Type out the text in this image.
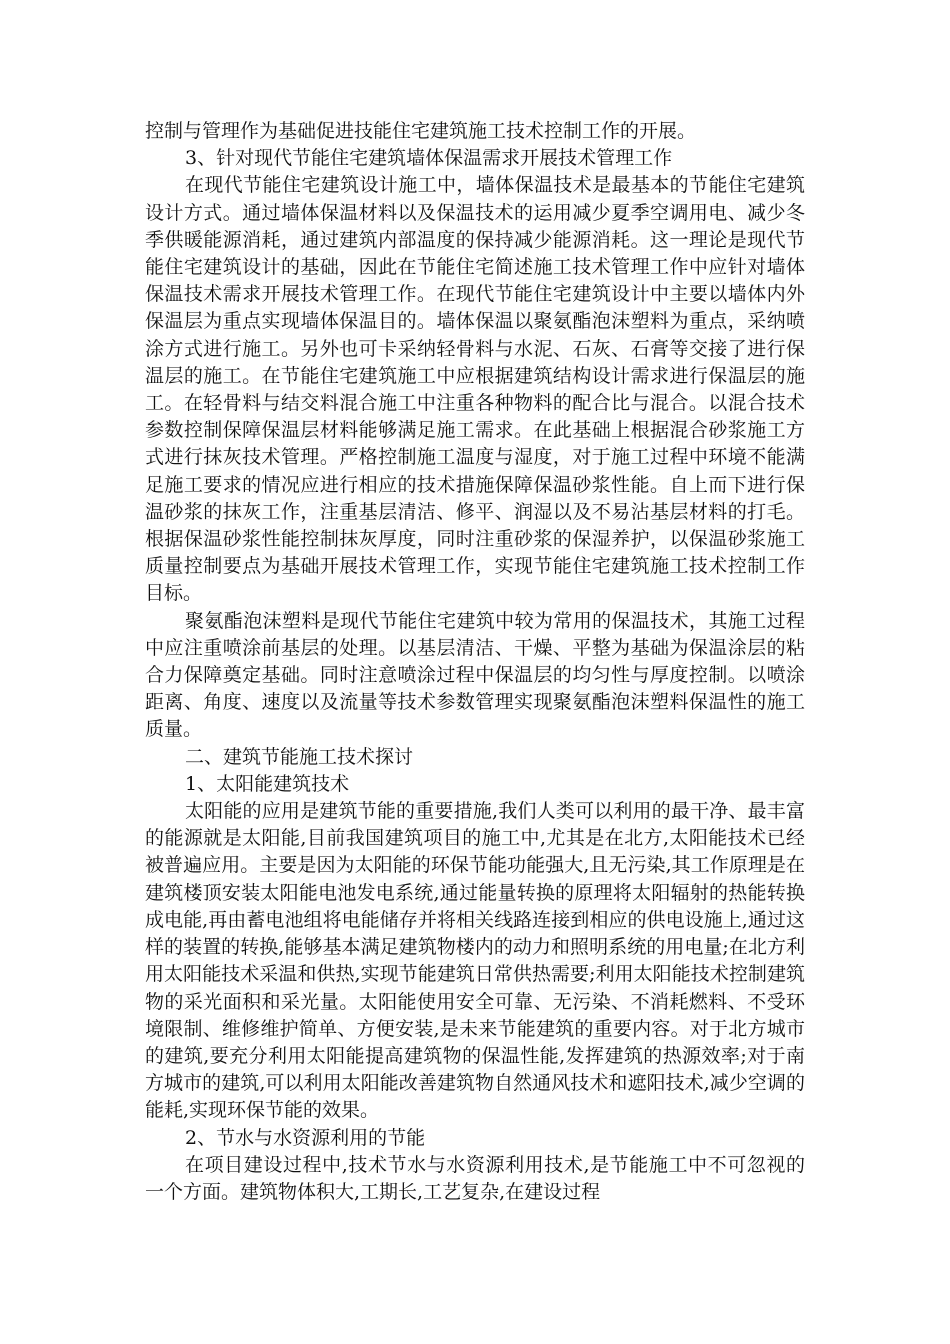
控制与管理作为基础促进技能住宅建筑施工技术控制工作的开展。

3、针对现代节能住宅建筑墙体保温需求开展技术管理工作

在现代节能住宅建筑设计施工中，墙体保温技术是最基本的节能住宅建筑设计方式。通过墙体保温材料以及保温技术的运用减少夏季空调用电、减少冬季供暖能源消耗，通过建筑内部温度的保持减少能源消耗。这一理论是现代节能住宅建筑设计的基础，因此在节能住宅简述施工技术管理工作中应针对墙体保温技术需求开展技术管理工作。在现代节能住宅建筑设计中主要以墙体内外保温层为重点实现墙体保温目的。墙体保温以聚氨酯泡沫塑料为重点，采纳喷涂方式进行施工。另外也可卡采纳轻骨料与水泥、石灰、石膏等交接了进行保温层的施工。在节能住宅建筑施工中应根据建筑结构设计需求进行保温层的施工。在轻骨料与结交料混合施工中注重各种物料的配合比与混合。以混合技术参数控制保障保温层材料能够满足施工需求。在此基础上根据混合砂浆施工方式进行抹灰技术管理。严格控制施工温度与湿度，对于施工过程中环境不能满足施工要求的情况应进行相应的技术措施保障保温砂浆性能。自上而下进行保温砂浆的抹灰工作，注重基层清洁、修平、润湿以及不易沾基层材料的打毛。根据保温砂浆性能控制抹灰厚度，同时注重砂浆的保湿养护，以保温砂浆施工质量控制要点为基础开展技术管理工作，实现节能住宅建筑施工技术控制工作目标。

聚氨酯泡沫塑料是现代节能住宅建筑中较为常用的保温技术，其施工过程中应注重喷涂前基层的处理。以基层清洁、干燥、平整为基础为保温涂层的粘合力保障奠定基础。同时注意喷涂过程中保温层的均匀性与厚度控制。以喷涂距离、角度、速度以及流量等技术参数管理实现聚氨酯泡沫塑料保温性的施工质量。

二、建筑节能施工技术探讨

1、太阳能建筑技术

太阳能的应用是建筑节能的重要措施,我们人类可以利用的最干净、最丰富的能源就是太阳能,目前我国建筑项目的施工中,尤其是在北方,太阳能技术已经被普遍应用。主要是因为太阳能的环保节能功能强大,且无污染,其工作原理是在建筑楼顶安装太阳能电池发电系统,通过能量转换的原理将太阳辐射的热能转换成电能,再由蓄电池组将电能储存并将相关线路连接到相应的供电设施上,通过这样的装置的转换,能够基本满足建筑物楼内的动力和照明系统的用电量;在北方利用太阳能技术采温和供热,实现节能建筑日常供热需要;利用太阳能技术控制建筑物的采光面积和采光量。太阳能使用安全可靠、无污染、不消耗燃料、不受环境限制、维修维护简单、方便安装,是未来节能建筑的重要内容。对于北方城市的建筑,要充分利用太阳能提高建筑物的保温性能,发挥建筑的热源效率;对于南方城市的建筑,可以利用太阳能改善建筑物自然通风技术和遮阳技术,减少空调的能耗,实现环保节能的效果。

2、节水与水资源利用的节能

在项目建设过程中,技术节水与水资源利用技术,是节能施工中不可忽视的一个方面。建筑物体积大,工期长,工艺复杂,在建设过程
